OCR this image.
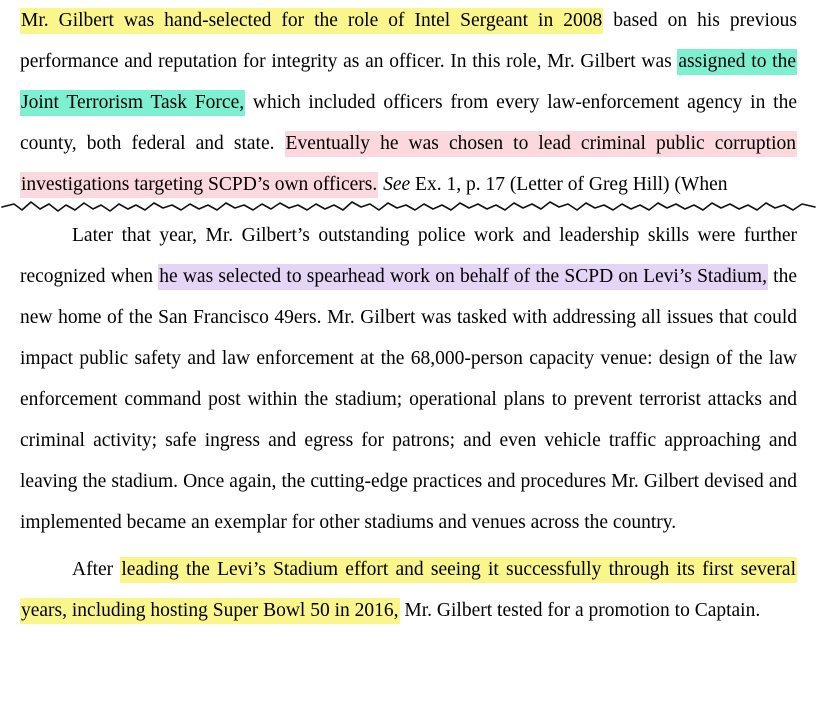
Mr. Gilbert was hand-selected for the role of Intel Sergeant in 2008 based on his previous performance and reputation for integrity as an officer. In this role, Mr. Gilbert was assigned to the Joint Terrorism Task Force, which included officers from every law-enforcement agency in the county, both federal and state. Eventually he was chosen to lead criminal public corruption investigations targeting SCPD’s own officers. See Ex. 1, p. 17 (Letter of Greg Hill) (When

Later that year, Mr. Gilbert’s outstanding police work and leadership skills were further recognized when he was selected to spearhead work on behalf of the SCPD on Levi’s Stadium, the new home of the San Francisco 49ers. Mr. Gilbert was tasked with addressing all issues that could impact public safety and law enforcement at the 68,000-person capacity venue: design of the law enforcement command post within the stadium; operational plans to prevent terrorist attacks and criminal activity; safe ingress and egress for patrons; and even vehicle traffic approaching and leaving the stadium. Once again, the cutting-edge practices and procedures Mr. Gilbert devised and implemented became an exemplar for other stadiums and venues across the country.

After leading the Levi’s Stadium effort and seeing it successfully through its first several years, including hosting Super Bowl 50 in 2016, Mr. Gilbert tested for a promotion to Captain.
